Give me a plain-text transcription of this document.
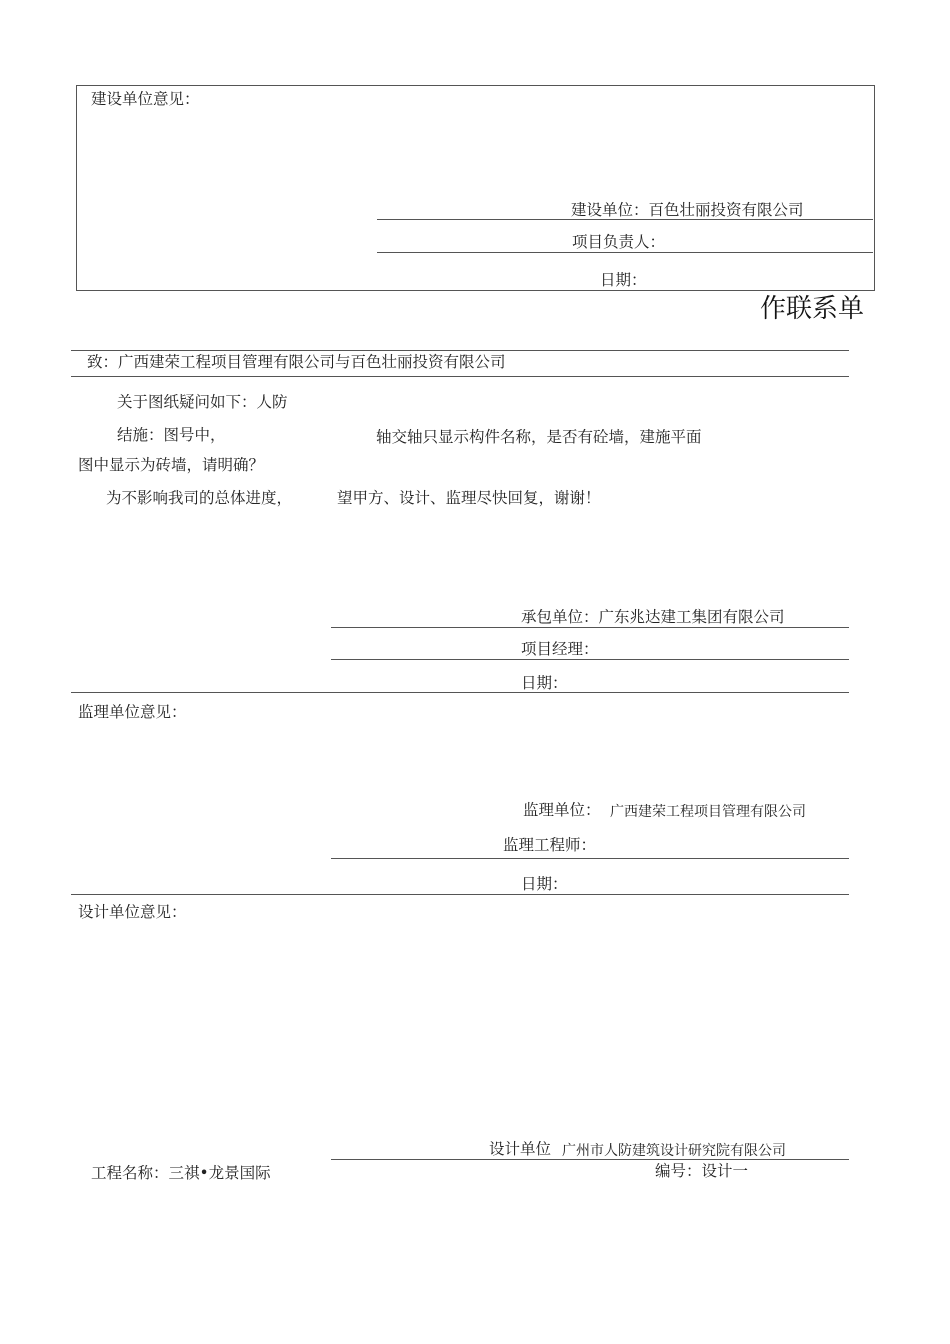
建设单位意见：
建设单位：百色壮丽投资有限公司
项目负责人：
日期：
作联系单
致：广西建荣工程项目管理有限公司与百色壮丽投资有限公司
关于图纸疑问如下：人防
结施：图号中，	轴交轴只显示构件名称，是否有砼墙，建施平面
图中显示为砖墙，请明确？
为不影响我司的总体进度，	望甲方、设计、监理尽快回复，谢谢！
承包单位：广东兆达建工集团有限公司
项目经理：
日期：
监理单位意见：
监理单位： 广西建荣工程项目管理有限公司
监理工程师：
日期：
设计单位意见：
设计单位 广州市人防建筑设计研究院有限公司
工程名称：三祺•龙景国际	编号：设计一
